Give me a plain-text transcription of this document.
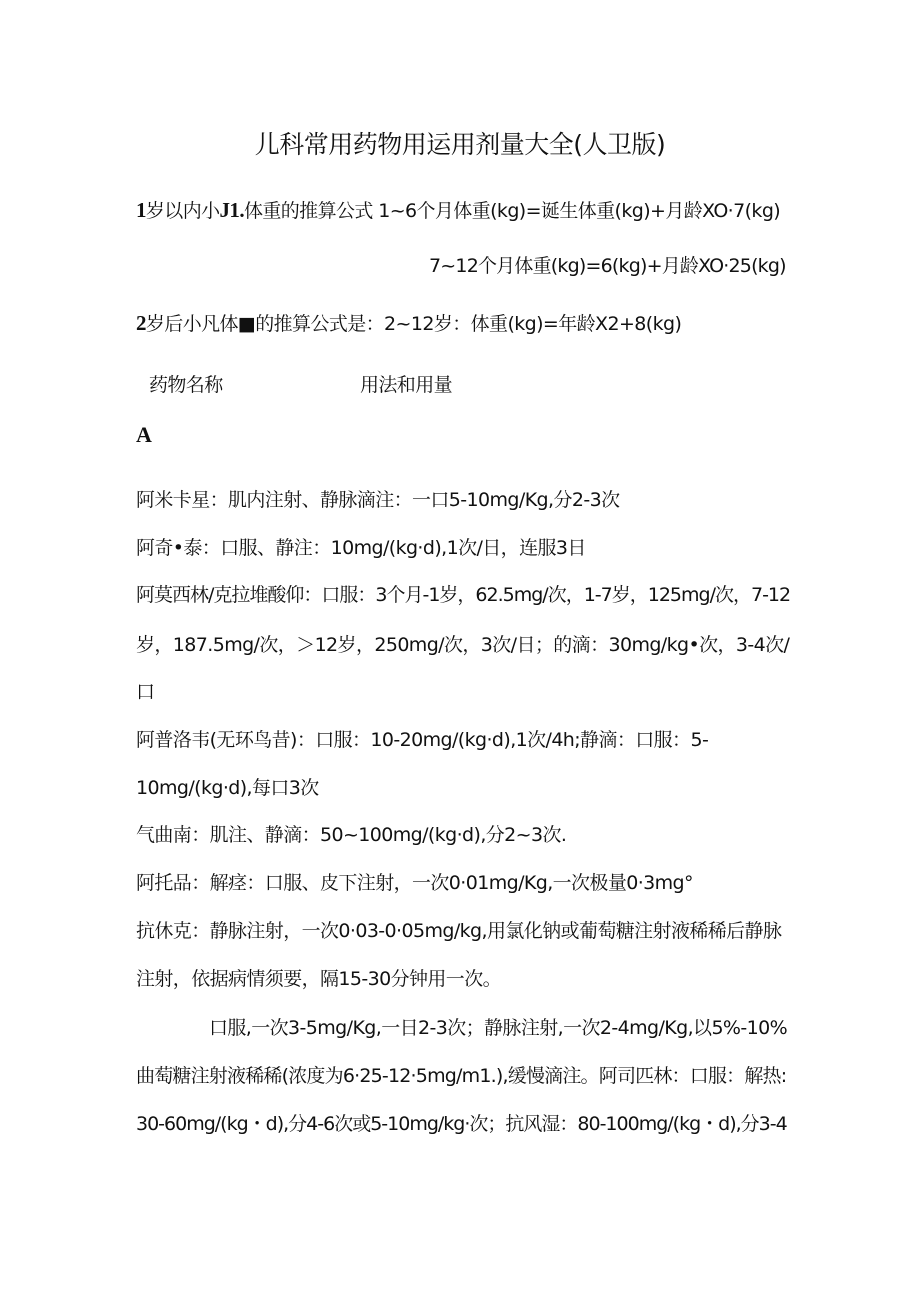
儿科常用药物用运用剂量大全(人卫版)
1岁以内小J1.体重的推算公式 1~6个月体重(kg)=诞生体重(kg)+月龄XO·7(kg)
7~12个月体重(kg)=6(kg)+月龄XO·25(kg)
2岁后小凡体■的推算公式是：2~12岁：体重(kg)=年龄X2+8(kg)
药物名称	用法和用量
A
阿米卡星：肌内注射、静脉滴注：一口5-10mg/Kg,分2-3次
阿奇•泰：口服、静注：10mg/(kg·d),1次/日，连服3日
阿莫西林/克拉堆酸仰：口服：3个月-1岁，62.5mg/次，1-7岁，125mg/次，7-12
岁，187.5mg/次，＞12岁，250mg/次，3次/日；的滴：30mg/kg•次，3-4次/
口
阿普洛韦(无环鸟昔)：口服：10-20mg/(kg·d),1次/4h;静滴：口服：5-
10mg/(kg·d),每口3次
气曲南：肌注、静滴：50~100mg/(kg·d),分2~3次.
阿托品：解痉：口服、皮下注射，一次0·01mg/Kg,一次极量0·3mg°
抗休克：静脉注射，一次0·03-0·05mg/kg,用氯化钠或葡萄糖注射液稀稀后静脉
注射，依据病情须要，隔15-30分钟用一次。
口服,一次3-5mg/Kg,一日2-3次；静脉注射,一次2-4mg/Kg,以5%-10%
曲萄糖注射液稀稀(浓度为6·25-12·5mg/m1.),缓慢滴注。阿司匹林：口服：解热:
30-60mg/(kg・d),分4-6次或5-10mg/kg·次；抗风湿：80-100mg/(kg・d),分3-4
